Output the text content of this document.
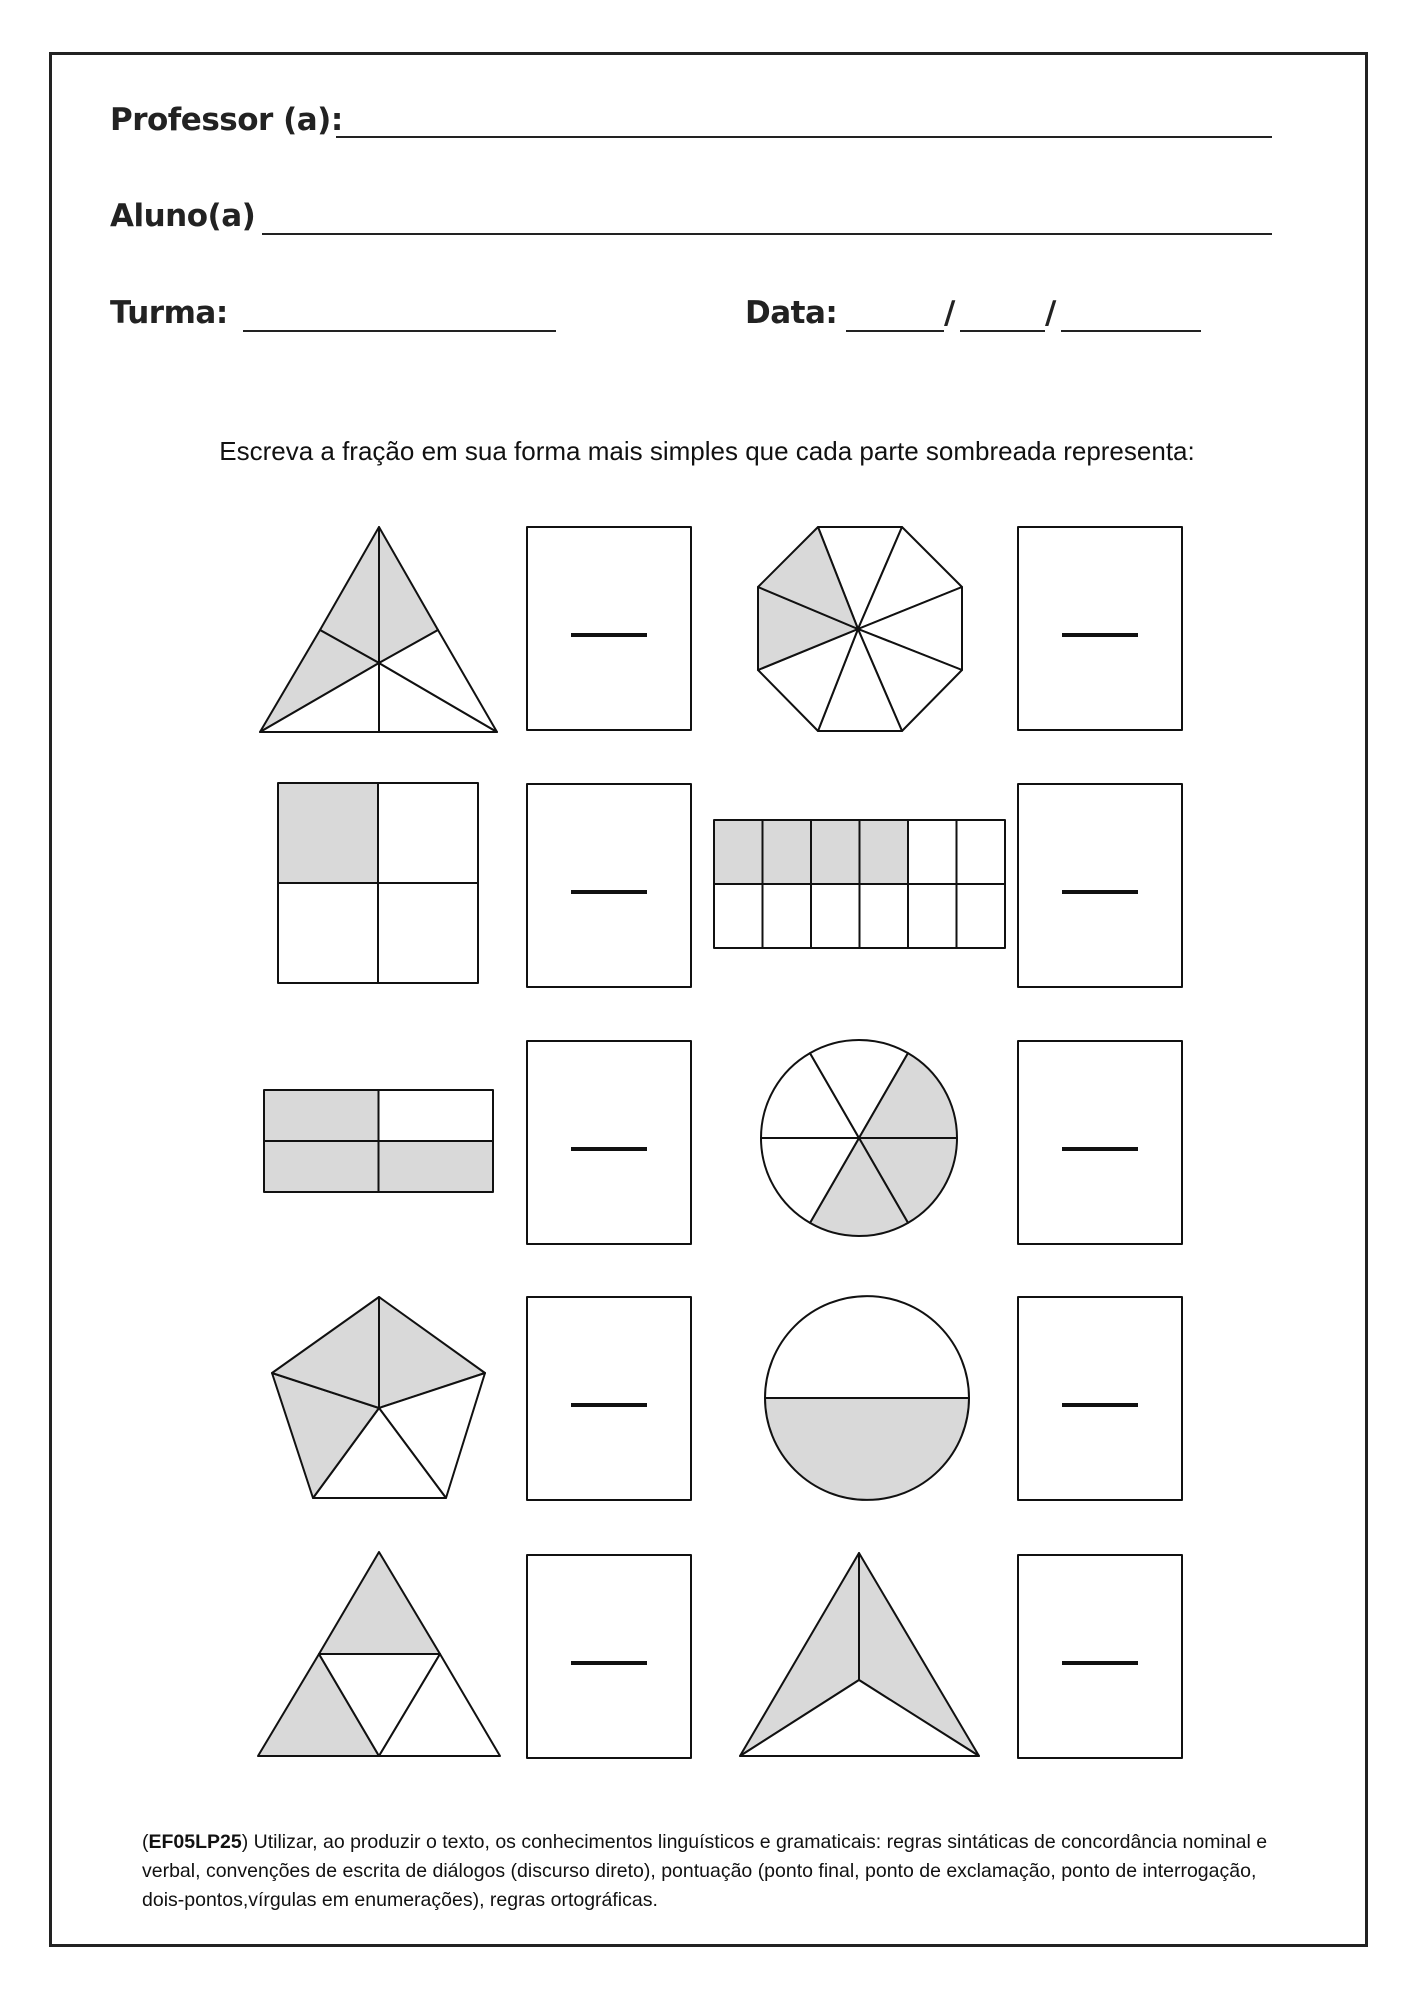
Professor (a):
Aluno(a)
Turma:	Data:	/	/
Escreva a fração em sua forma mais simples que cada parte sombreada representa:
(EF05LP25) Utilizar, ao produzir o texto, os conhecimentos linguísticos e gramaticais: regras sintáticas de concordância nominal e verbal, convenções de escrita de diálogos (discurso direto), pontuação (ponto final, ponto de exclamação, ponto de interrogação, dois-pontos,vírgulas em enumerações), regras ortográficas.
